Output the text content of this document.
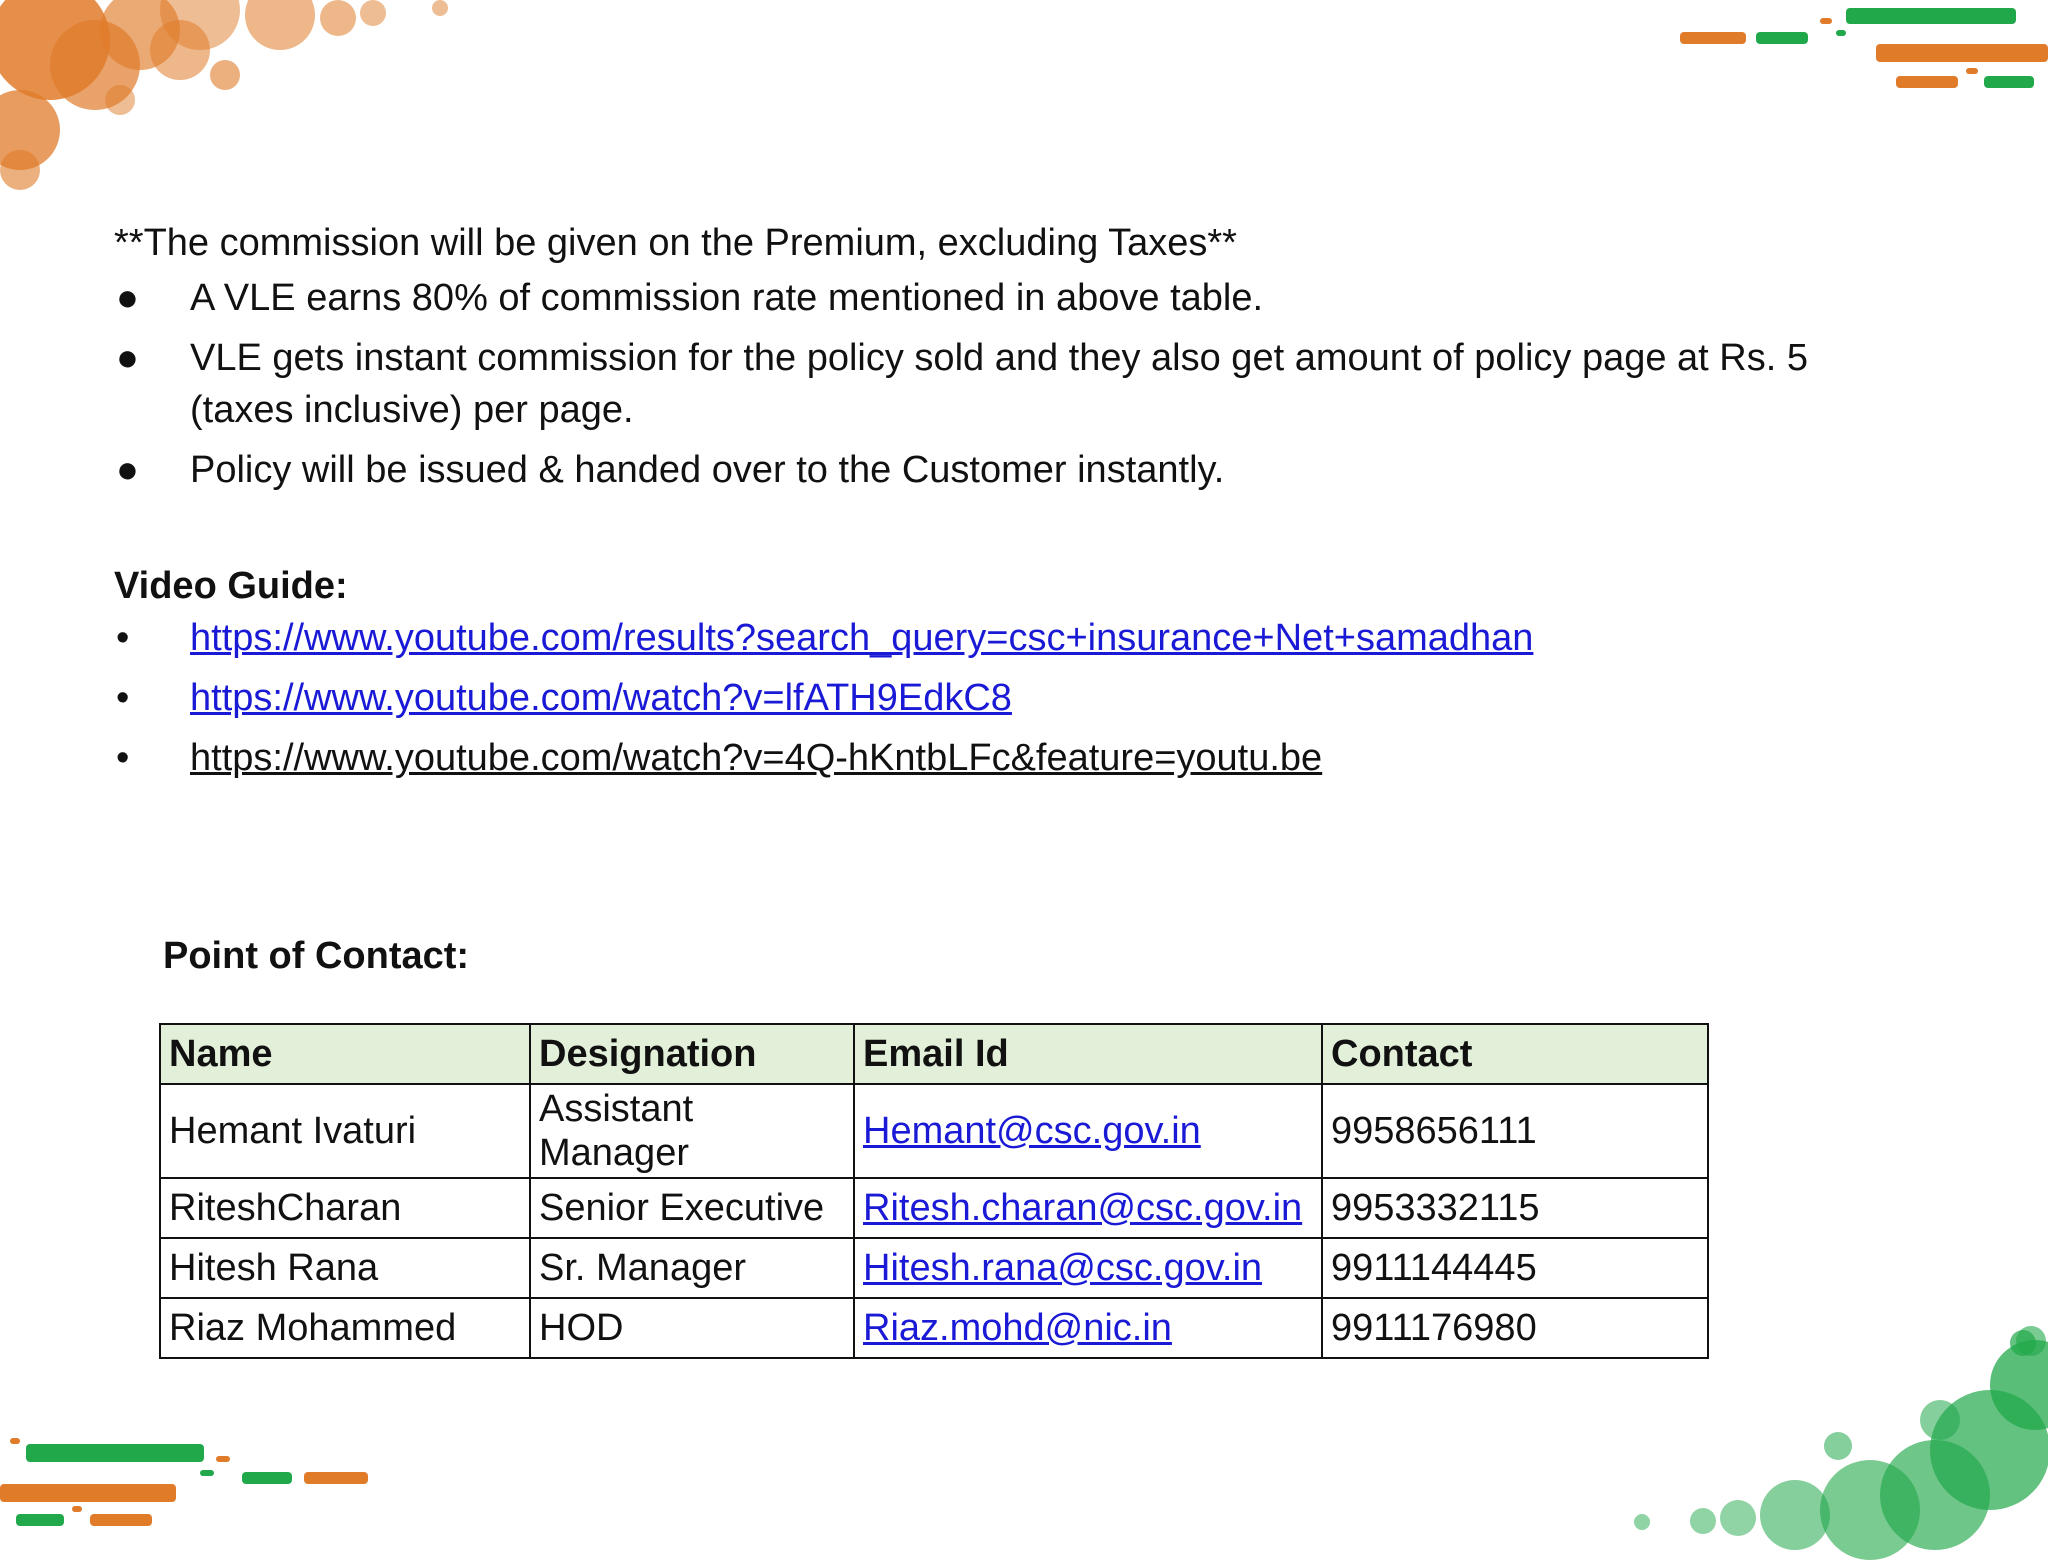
**The commission will be given on the Premium, excluding Taxes**

● A VLE earns 80% of commission rate mentioned in above table.
● VLE gets instant commission for the policy sold and they also get amount of policy page at Rs. 5 (taxes inclusive) per page.
● Policy will be issued & handed over to the Customer instantly.

Video Guide:

• https://www.youtube.com/results?search_query=csc+insurance+Net+samadhan
• https://www.youtube.com/watch?v=lfATH9EdkC8
• https://www.youtube.com/watch?v=4Q-hKntbLFc&feature=youtu.be
Point of Contact:
Name	Designation	Email Id	Contact
Hemant Ivaturi	Assistant Manager	Hemant@csc.gov.in	9958656111
RiteshCharan	Senior Executive	Ritesh.charan@csc.gov.in	9953332115
Hitesh Rana	Sr. Manager	Hitesh.rana@csc.gov.in	9911144445
Riaz Mohammed	HOD	Riaz.mohd@nic.in	9911176980
